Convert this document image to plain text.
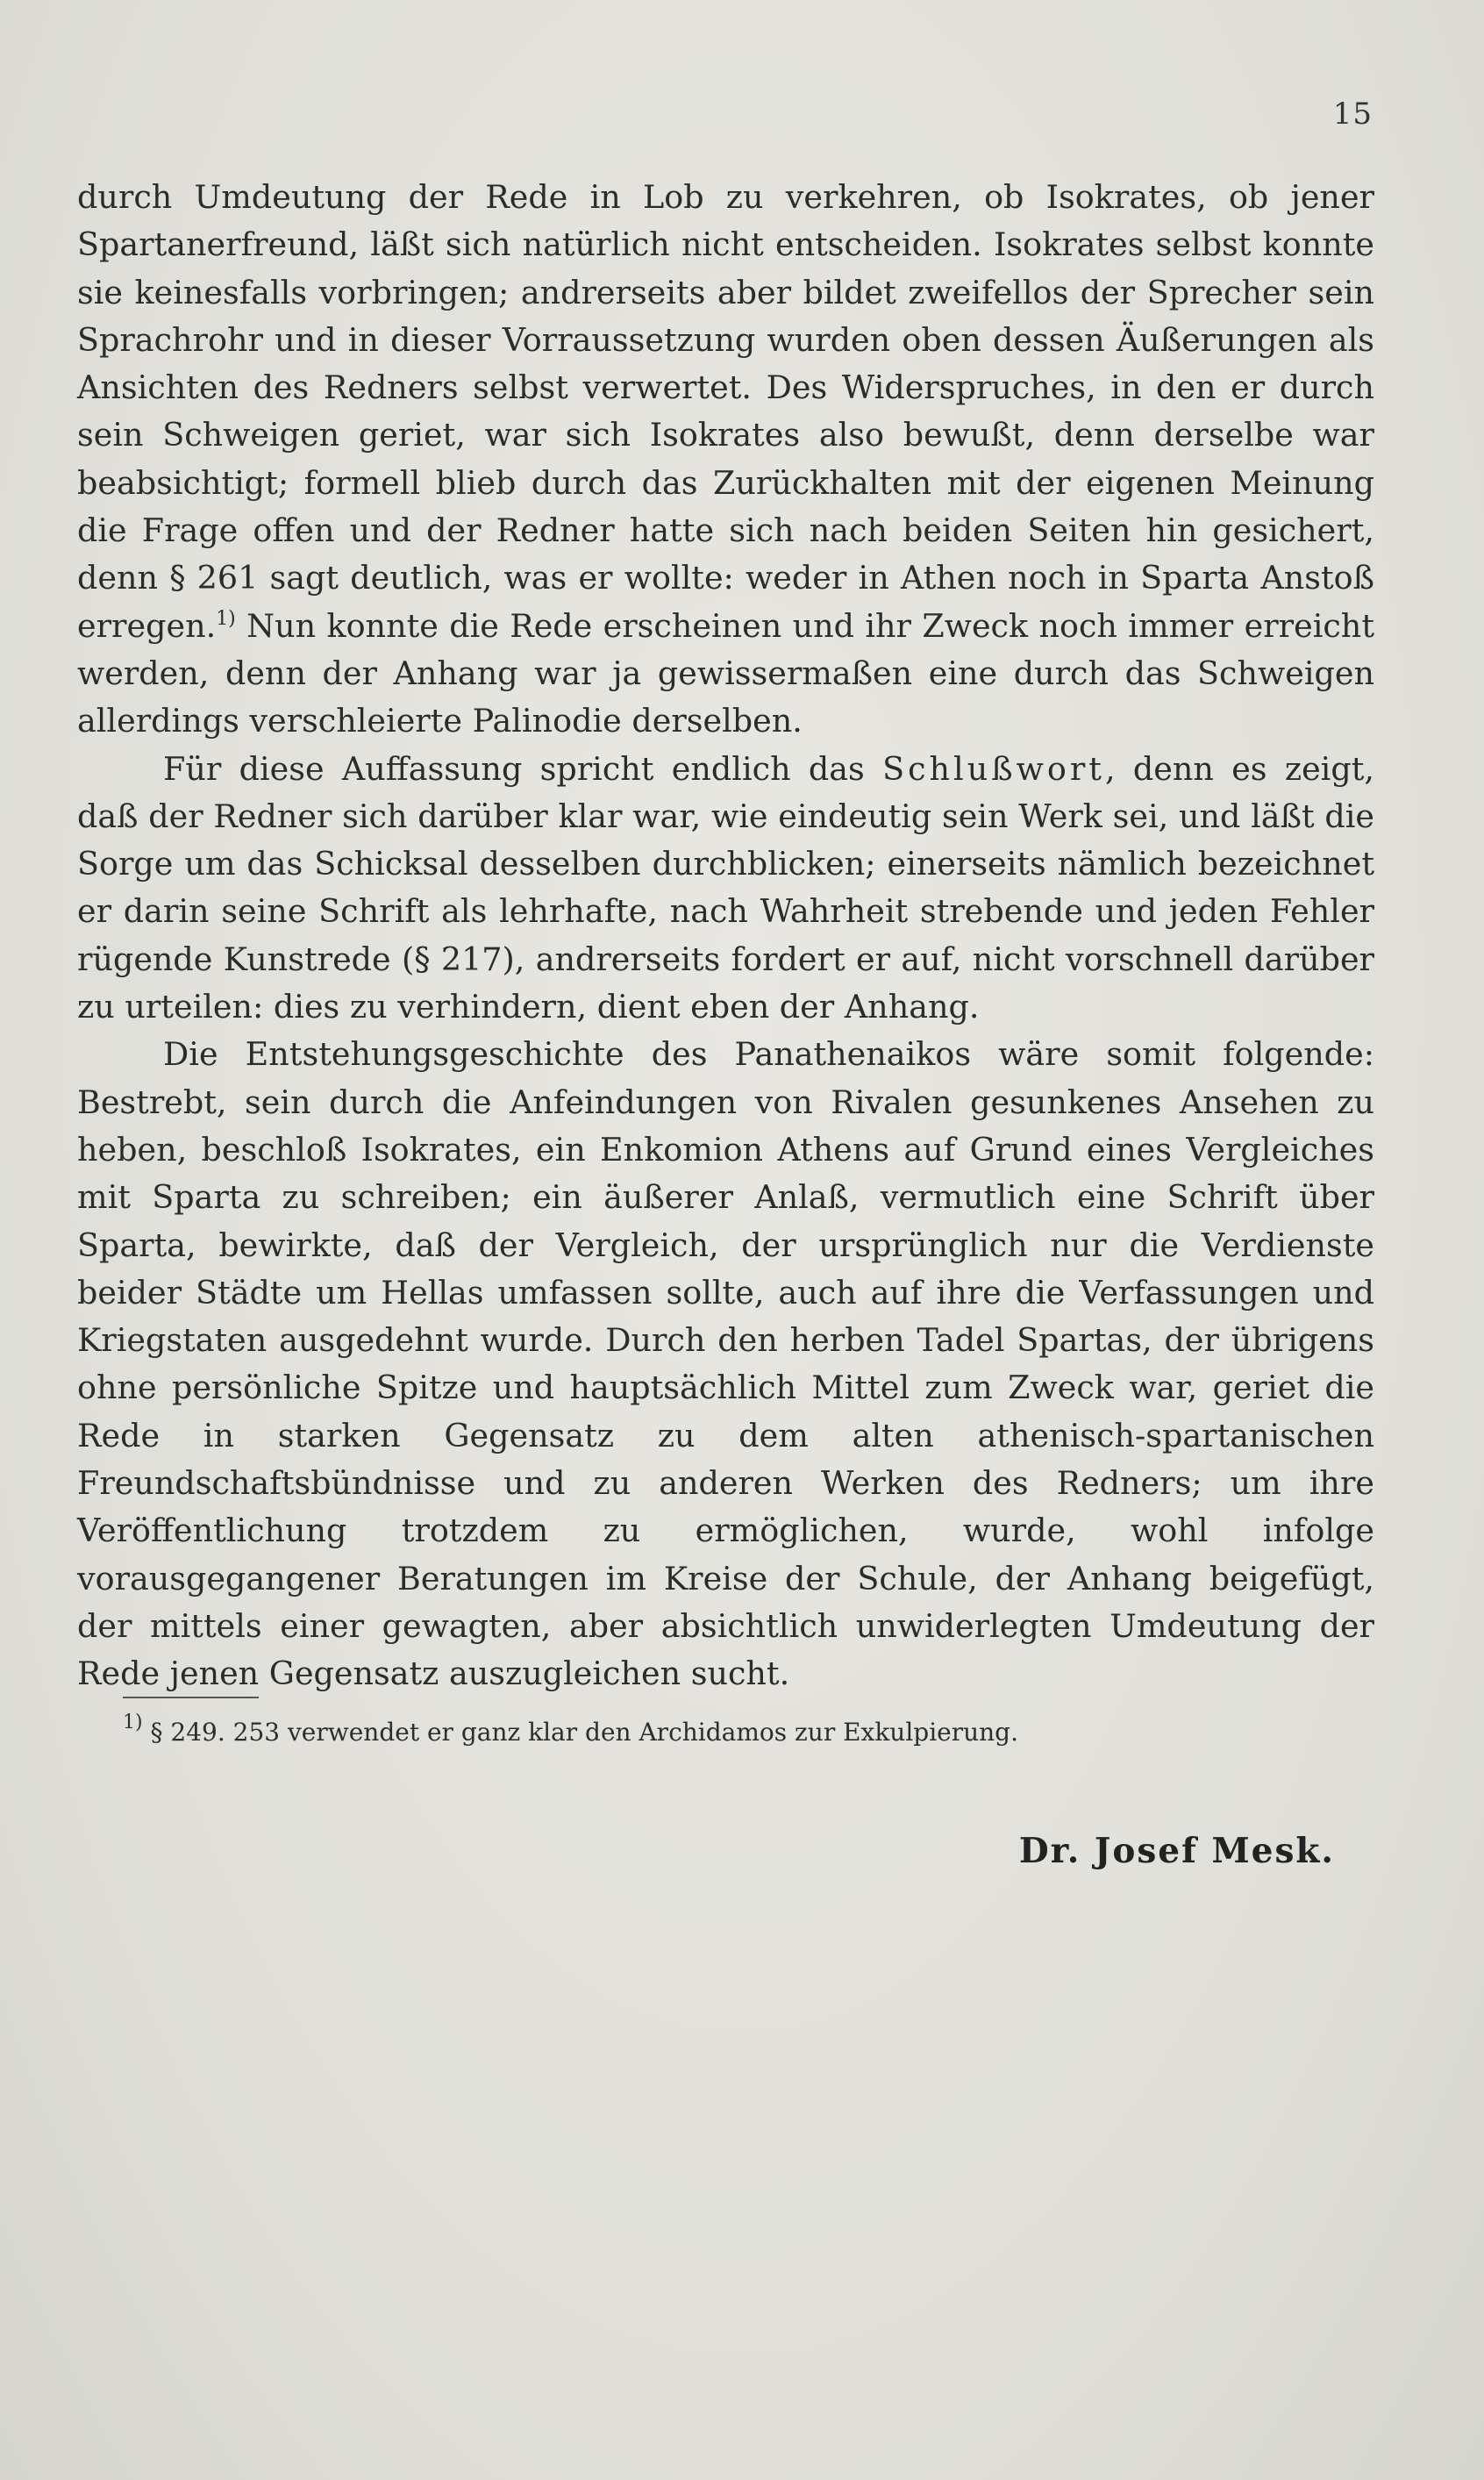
15

durch Umdeutung der Rede in Lob zu verkehren, ob Isokrates, ob jener Spartanerfreund, läßt sich natürlich nicht entscheiden. Isokrates selbst konnte sie keinesfalls vorbringen; andrerseits aber bildet zweifellos der Sprecher sein Sprachrohr und in dieser Vorraussetzung wurden oben dessen Äußerungen als Ansichten des Redners selbst verwertet. Des Widerspruches, in den er durch sein Schweigen geriet, war sich Isokrates also bewußt, denn derselbe war beabsichtigt; formell blieb durch das Zurückhalten mit der eigenen Meinung die Frage offen und der Redner hatte sich nach beiden Seiten hin gesichert, denn § 261 sagt deutlich, was er wollte: weder in Athen noch in Sparta Anstoß erregen.$^{1)}$ Nun konnte die Rede erscheinen und ihr Zweck noch immer erreicht werden, denn der Anhang war ja gewissermaßen eine durch das Schweigen allerdings verschleierte Palinodie derselben.

Für diese Auffassung spricht endlich das Schlußwort, denn es zeigt, daß der Redner sich darüber klar war, wie eindeutig sein Werk sei, und läßt die Sorge um das Schicksal desselben durchblicken; einerseits nämlich bezeichnet er darin seine Schrift als lehrhafte, nach Wahrheit strebende und jeden Fehler rügende Kunstrede (§ 217), andrerseits fordert er auf, nicht vorschnell darüber zu urteilen: dies zu verhindern, dient eben der Anhang.

Die Entstehungsgeschichte des Panathenaikos wäre somit folgende: Bestrebt, sein durch die Anfeindungen von Rivalen gesunkenes Ansehen zu heben, beschloß Isokrates, ein Enkomion Athens auf Grund eines Vergleiches mit Sparta zu schreiben; ein äußerer Anlaß, vermutlich eine Schrift über Sparta, bewirkte, daß der Vergleich, der ursprünglich nur die Verdienste beider Städte um Hellas umfassen sollte, auch auf ihre die Verfassungen und Kriegstaten ausgedehnt wurde. Durch den herben Tadel Spartas, der übrigens ohne persönliche Spitze und hauptsächlich Mittel zum Zweck war, geriet die Rede in starken Gegensatz zu dem alten athenisch-spartanischen Freundschaftsbündnisse und zu anderen Werken des Redners; um ihre Veröffentlichung trotzdem zu ermöglichen, wurde, wohl infolge vorausgegangener Beratungen im Kreise der Schule, der Anhang beigefügt, der mittels einer gewagten, aber absichtlich unwiderlegten Umdeutung der Rede jenen Gegensatz auszugleichen sucht.

$^{1)}$ § 249. 253 verwendet er ganz klar den Archidamos zur Exkulpierung.
Dr. Josef Mesk.
